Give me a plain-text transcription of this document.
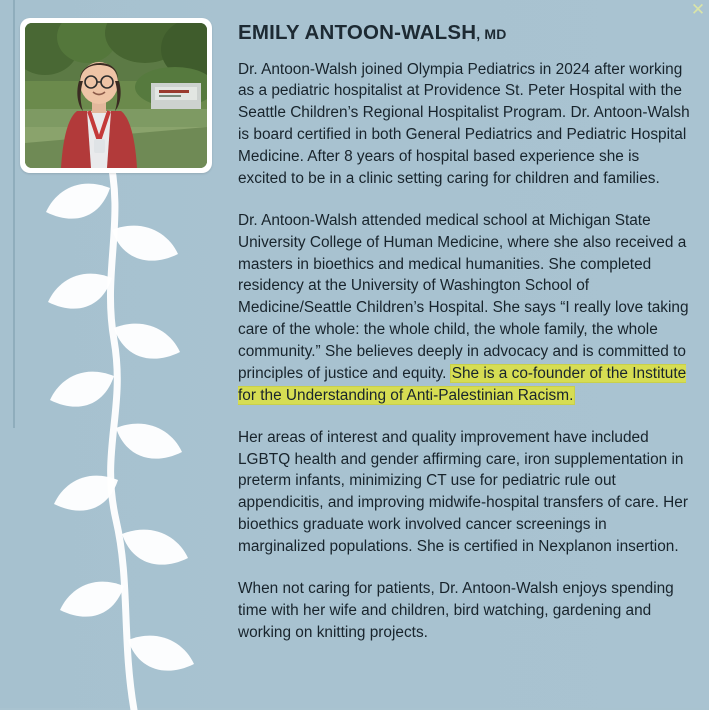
EMILY ANTOON-WALSH, MD

Dr. Antoon-Walsh joined Olympia Pediatrics in 2024 after working as a pediatric hospitalist at Providence St. Peter Hospital with the Seattle Children’s Regional Hospitalist Program. Dr. Antoon-Walsh is board certified in both General Pediatrics and Pediatric Hospital Medicine. After 8 years of hospital based experience she is excited to be in a clinic setting caring for children and families.

Dr. Antoon-Walsh attended medical school at Michigan State University College of Human Medicine, where she also received a masters in bioethics and medical humanities. She completed residency at the University of Washington School of Medicine/Seattle Children’s Hospital. She says “I really love taking care of the whole: the whole child, the whole family, the whole community.” She believes deeply in advocacy and is committed to principles of justice and equity. She is a co-founder of the Institute for the Understanding of Anti-Palestinian Racism.

Her areas of interest and quality improvement have included LGBTQ health and gender affirming care, iron supplementation in preterm infants, minimizing CT use for pediatric rule out appendicitis, and improving midwife-hospital transfers of care. Her bioethics graduate work involved cancer screenings in marginalized populations. She is certified in Nexplanon insertion.

When not caring for patients, Dr. Antoon-Walsh enjoys spending time with her wife and children, bird watching, gardening and working on knitting projects.

✕
